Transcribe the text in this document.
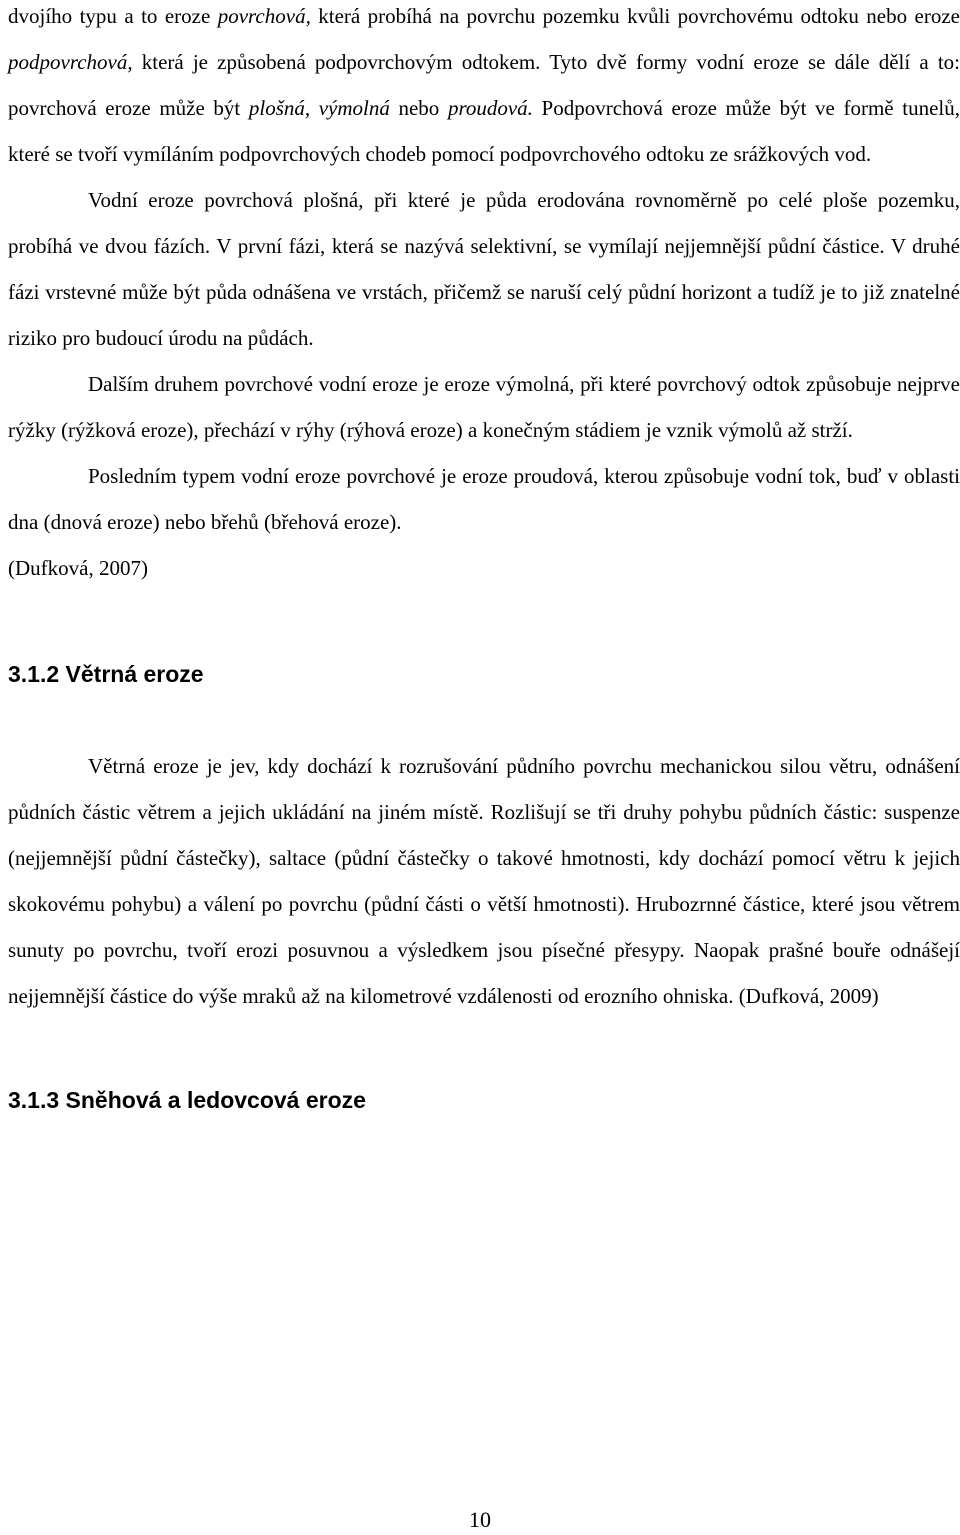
dvojího typu a to eroze povrchová, která probíhá na povrchu pozemku kvůli povrchovému odtoku nebo eroze podpovrchová, která je způsobená podpovrchovým odtokem. Tyto dvě formy vodní eroze se dále dělí a to: povrchová eroze může být plošná, výmolná nebo proudová. Podpovrchová eroze může být ve formě tunelů, které se tvoří vymíláním podpovrchových chodeb pomocí podpovrchového odtoku ze srážkových vod.

Vodní eroze povrchová plošná, při které je půda erodována rovnoměrně po celé ploše pozemku, probíhá ve dvou fázích. V první fázi, která se nazývá selektivní, se vymílají nejjemnější půdní částice. V druhé fázi vrstevné může být půda odnášena ve vrstách, přičemž se naruší celý půdní horizont a tudíž je to již znatelné riziko pro budoucí úrodu na půdách.

Dalším druhem povrchové vodní eroze je eroze výmolná, při které povrchový odtok způsobuje nejprve rýžky (rýžková eroze), přechází v rýhy (rýhová eroze) a konečným stádiem je vznik výmolů až strží.

Posledním typem vodní eroze povrchové je eroze proudová, kterou způsobuje vodní tok, buď v oblasti dna (dnová eroze) nebo břehů (břehová eroze).

(Dufková, 2007)

3.1.2 Větrná eroze

Větrná eroze je jev, kdy dochází k rozrušování půdního povrchu mechanickou silou větru, odnášení půdních částic větrem a jejich ukládání na jiném místě. Rozlišují se tři druhy pohybu půdních částic: suspenze (nejjemnější půdní částečky), saltace (půdní částečky o takové hmotnosti, kdy dochází pomocí větru k jejich skokovému pohybu) a válení po povrchu (půdní části o větší hmotnosti). Hrubozrnné částice, které jsou větrem sunuty po povrchu, tvoří erozi posuvnou a výsledkem jsou písečné přesypy. Naopak prašné bouře odnášejí nejjemnější částice do výše mraků až na kilometrové vzdálenosti od erozního ohniska. (Dufková, 2009)

3.1.3 Sněhová a ledovcová eroze
10
